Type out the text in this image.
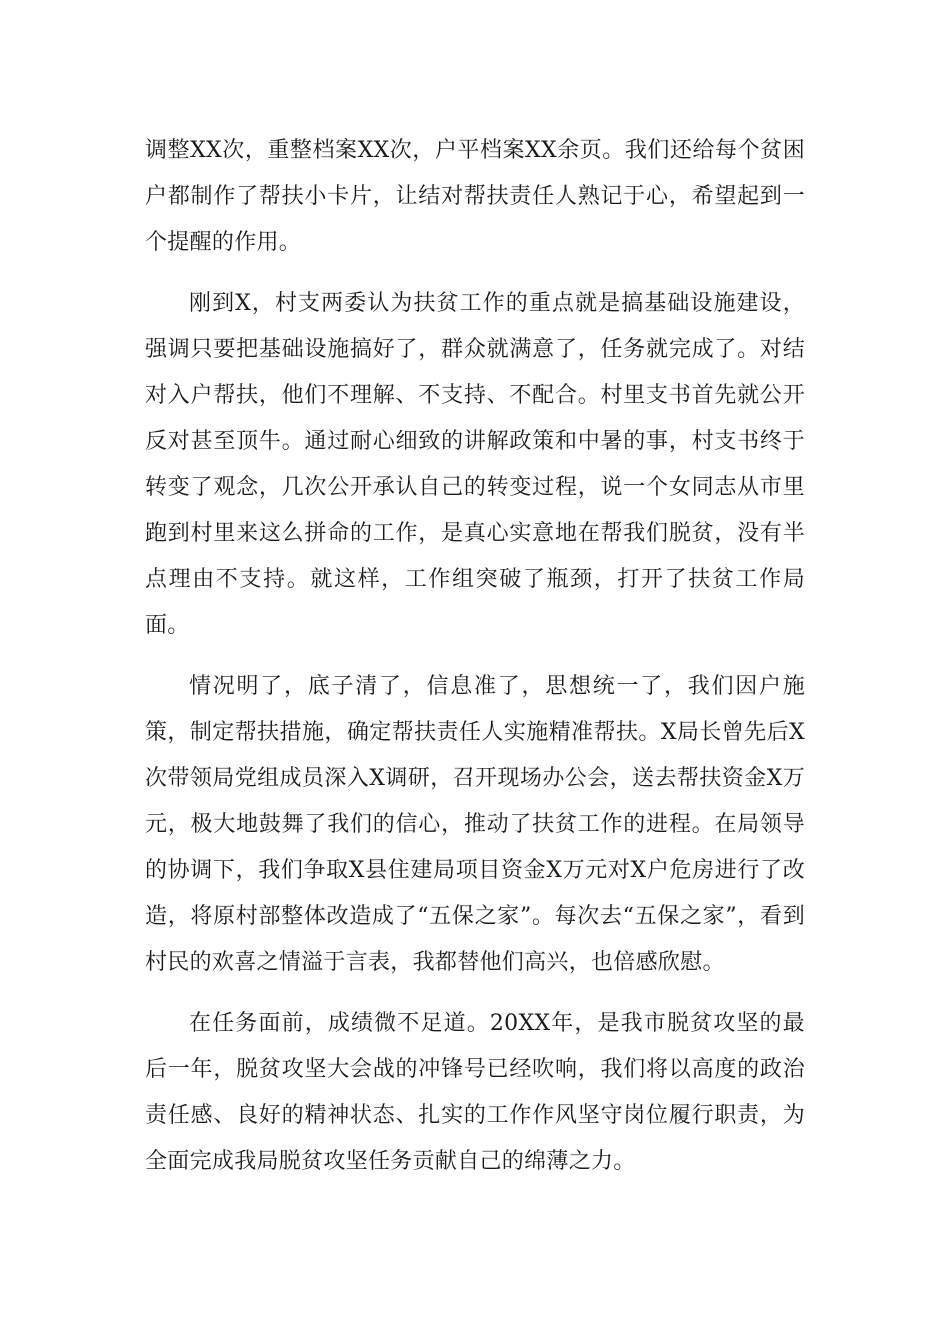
调整XX次，重整档案XX次，户平档案XX余页。我们还给每个贫困户都制作了帮扶小卡片，让结对帮扶责任人熟记于心，希望起到一个提醒的作用。

刚到X，村支两委认为扶贫工作的重点就是搞基础设施建设，强调只要把基础设施搞好了，群众就满意了，任务就完成了。对结对入户帮扶，他们不理解、不支持、不配合。村里支书首先就公开反对甚至顶牛。通过耐心细致的讲解政策和中暑的事，村支书终于转变了观念，几次公开承认自己的转变过程，说一个女同志从市里跑到村里来这么拼命的工作，是真心实意地在帮我们脱贫，没有半点理由不支持。就这样，工作组突破了瓶颈，打开了扶贫工作局面。

情况明了，底子清了，信息准了，思想统一了，我们因户施策，制定帮扶措施，确定帮扶责任人实施精准帮扶。X局长曾先后X次带领局党组成员深入X调研，召开现场办公会，送去帮扶资金X万元，极大地鼓舞了我们的信心，推动了扶贫工作的进程。在局领导的协调下，我们争取X县住建局项目资金X万元对X户危房进行了改造，将原村部整体改造成了“五保之家”。每次去“五保之家”，看到村民的欢喜之情溢于言表，我都替他们高兴，也倍感欣慰。

在任务面前，成绩微不足道。20XX年，是我市脱贫攻坚的最后一年，脱贫攻坚大会战的冲锋号已经吹响，我们将以高度的政治责任感、良好的精神状态、扎实的工作作风坚守岗位履行职责，为全面完成我局脱贫攻坚任务贡献自己的绵薄之力。
